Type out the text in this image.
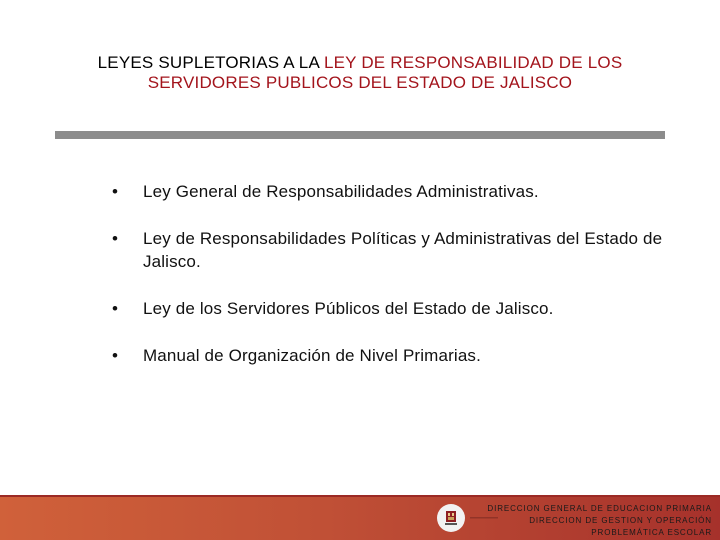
LEYES SUPLETORIAS A LA LEY DE RESPONSABILIDAD DE LOS SERVIDORES PUBLICOS DEL ESTADO DE JALISCO
• Ley General de Responsabilidades Administrativas.
• Ley de Responsabilidades Políticas y Administrativas del Estado de Jalisco.
• Ley de los Servidores Públicos del Estado de Jalisco.
• Manual de Organización de Nivel Primarias.
DIRECCION GENERAL DE EDUCACION PRIMARIA
DIRECCION DE GESTION Y OPERACIÓN
PROBLEMÁTICA ESCOLAR
